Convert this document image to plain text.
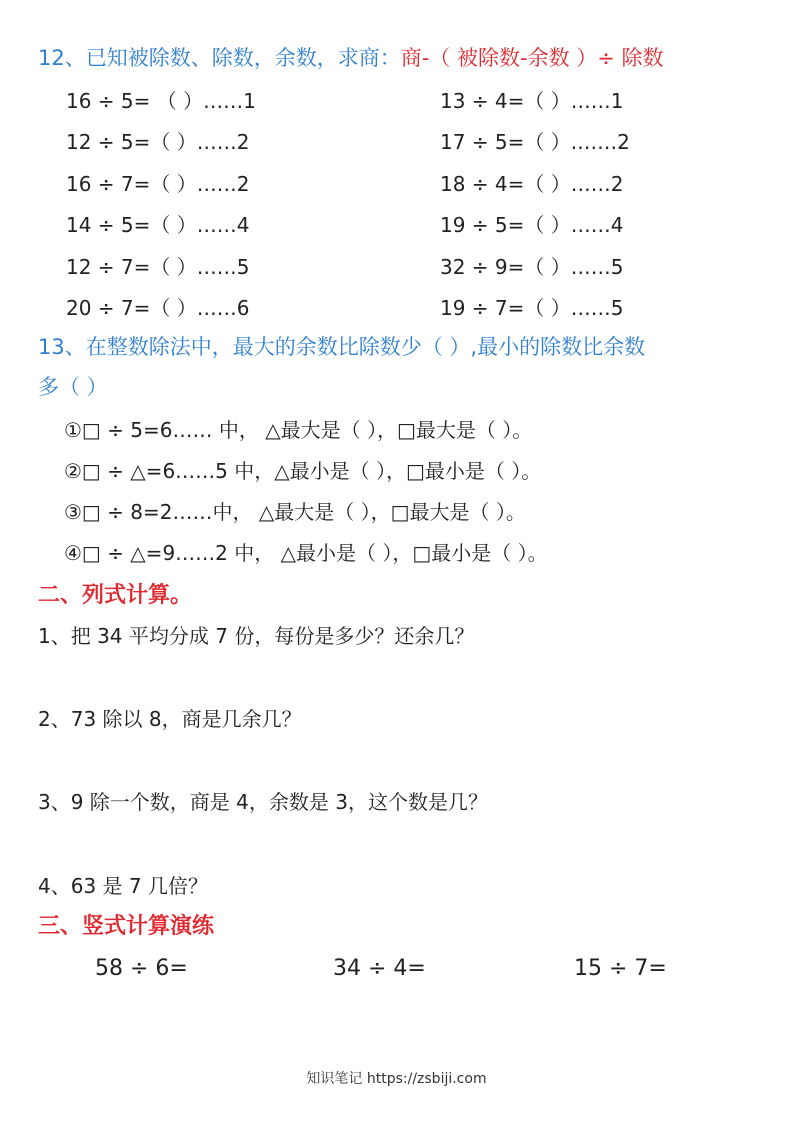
12、已知被除数、除数，余数，求商：商-（ 被除数-余数 ）÷ 除数
16 ÷ 5= （ ）……1	13 ÷ 4=（ ）……1
12 ÷ 5=（ ）……2	17 ÷ 5=（ ）.……2
16 ÷ 7=（ ）……2	18 ÷ 4=（ ）……2
14 ÷ 5=（ ）……4	19 ÷ 5=（ ）……4
12 ÷ 7=（ ）……5	32 ÷ 9=（ ）……5
20 ÷ 7=（ ）……6	19 ÷ 7=（ ）……5
13、在整数除法中，最大的余数比除数少（ ）,最小的除数比余数
多（ ）
①□ ÷ 5=6…… 中， △最大是（ ），□最大是（ ）。
②□ ÷ △=6……5 中，△最小是（ ），□最小是（ ）。
③□ ÷ 8=2……中， △最大是（ ），□最大是（ ）。
④□ ÷ △=9……2 中， △最小是（ ），□最小是（ ）。
二、列式计算。
1、把 34 平均分成 7 份，每份是多少？还余几？
2、73 除以 8，商是几余几？
3、9 除一个数，商是 4，余数是 3，这个数是几？
4、63 是 7 几倍？
三、竖式计算演练
58 ÷ 6=	34 ÷ 4=	15 ÷ 7=
知识笔记 https://zsbiji.com
